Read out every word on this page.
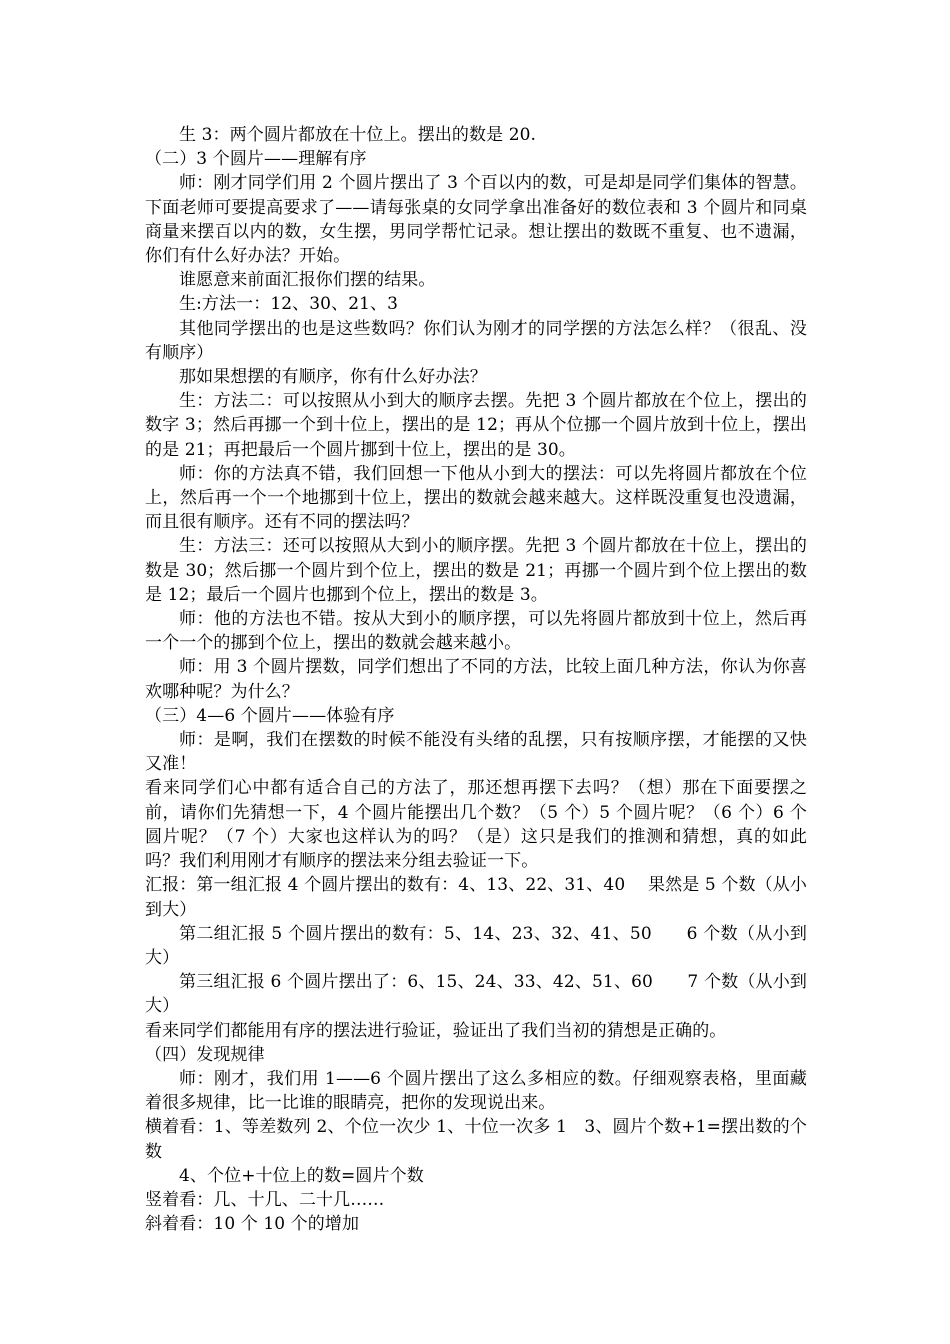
生 3：两个圆片都放在十位上。摆出的数是 20.

（二）3 个圆片——理解有序

师：刚才同学们用 2 个圆片摆出了 3 个百以内的数，可是却是同学们集体的智慧。下面老师可要提高要求了——请每张桌的女同学拿出准备好的数位表和 3 个圆片和同桌商量来摆百以内的数，女生摆，男同学帮忙记录。想让摆出的数既不重复、也不遗漏，你们有什么好办法？开始。

谁愿意来前面汇报你们摆的结果。

生:方法一：12、30、21、3

其他同学摆出的也是这些数吗？你们认为刚才的同学摆的方法怎么样？（很乱、没有顺序）

那如果想摆的有顺序，你有什么好办法？

生：方法二：可以按照从小到大的顺序去摆。先把 3 个圆片都放在个位上，摆出的数字 3；然后再挪一个到十位上，摆出的是 12；再从个位挪一个圆片放到十位上，摆出的是 21；再把最后一个圆片挪到十位上，摆出的是 30。

师：你的方法真不错，我们回想一下他从小到大的摆法：可以先将圆片都放在个位上，然后再一个一个地挪到十位上，摆出的数就会越来越大。这样既没重复也没遗漏，而且很有顺序。还有不同的摆法吗？

生：方法三：还可以按照从大到小的顺序摆。先把 3 个圆片都放在十位上，摆出的数是 30；然后挪一个圆片到个位上，摆出的数是 21；再挪一个圆片到个位上摆出的数是 12；最后一个圆片也挪到个位上，摆出的数是 3。

师：他的方法也不错。按从大到小的顺序摆，可以先将圆片都放到十位上，然后再一个一个的挪到个位上，摆出的数就会越来越小。

师：用 3 个圆片摆数，同学们想出了不同的方法，比较上面几种方法，你认为你喜欢哪种呢？为什么？

（三）4—6 个圆片——体验有序

师：是啊，我们在摆数的时候不能没有头绪的乱摆，只有按顺序摆，才能摆的又快又准！

看来同学们心中都有适合自己的方法了，那还想再摆下去吗？（想）那在下面要摆之前，请你们先猜想一下，4 个圆片能摆出几个数？（5 个）5 个圆片呢？（6 个）6 个圆片呢？（7 个）大家也这样认为的吗？（是）这只是我们的推测和猜想，真的如此吗？我们利用刚才有顺序的摆法来分组去验证一下。

汇报：第一组汇报 4 个圆片摆出的数有：4、13、22、31、40　 果然是 5 个数（从小到大）

第二组汇报 5 个圆片摆出的数有：5、14、23、32、41、50　　6 个数（从小到大）

第三组汇报 6 个圆片摆出了：6、15、24、33、42、51、60　　7 个数（从小到大）

看来同学们都能用有序的摆法进行验证，验证出了我们当初的猜想是正确的。

（四）发现规律

师：刚才，我们用 1——6 个圆片摆出了这么多相应的数。仔细观察表格，里面藏着很多规律，比一比谁的眼睛亮，把你的发现说出来。

横着看：1、等差数列 2、个位一次少 1、十位一次多 1　3、圆片个数+1=摆出数的个数

4、个位+十位上的数=圆片个数

竖着看：几、十几、二十几……

斜着看：10 个 10 个的增加
